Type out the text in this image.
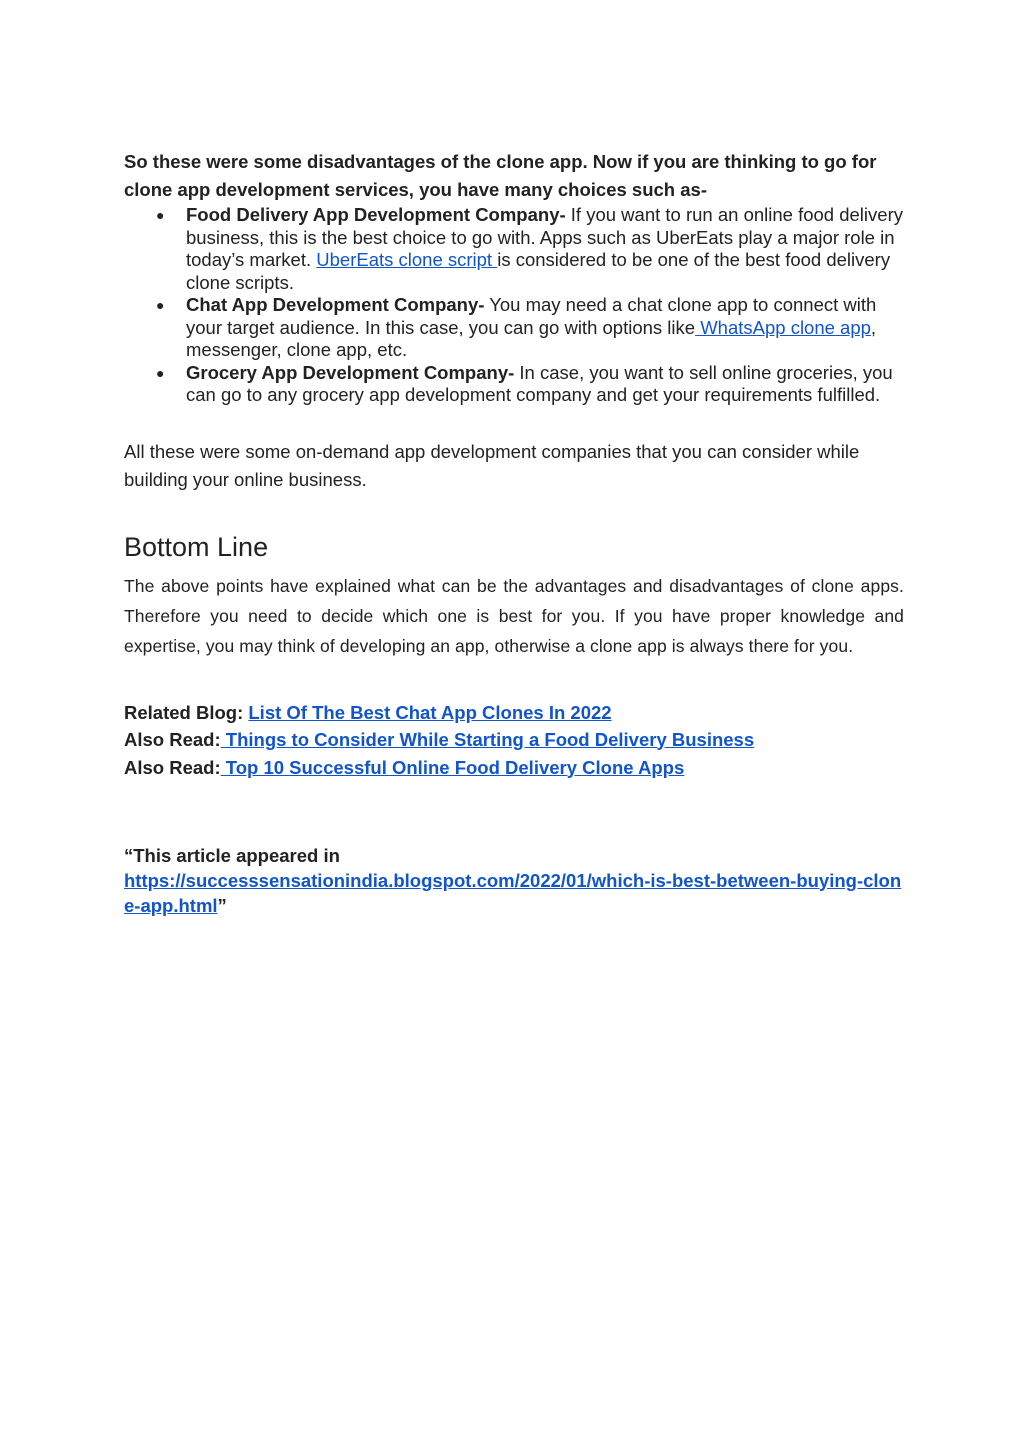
So these were some disadvantages of the clone app. Now if you are thinking to go for clone app development services, you have many choices such as-

● Food Delivery App Development Company- If you want to run an online food delivery business, this is the best choice to go with. Apps such as UberEats play a major role in today’s market. UberEats clone script is considered to be one of the best food delivery clone scripts.
● Chat App Development Company- You may need a chat clone app to connect with your target audience. In this case, you can go with options like WhatsApp clone app, messenger, clone app, etc.
● Grocery App Development Company- In case, you want to sell online groceries, you can go to any grocery app development company and get your requirements fulfilled.

All these were some on-demand app development companies that you can consider while building your online business.

Bottom Line

The above points have explained what can be the advantages and disadvantages of clone apps. Therefore you need to decide which one is best for you. If you have proper knowledge and expertise, you may think of developing an app, otherwise a clone app is always there for you.

Related Blog: List Of The Best Chat App Clones In 2022
Also Read: Things to Consider While Starting a Food Delivery Business
Also Read: Top 10 Successful Online Food Delivery Clone Apps
“This article appeared in
https://successsensationindia.blogspot.com/2022/01/which-is-best-between-buying-clone-app.html”
